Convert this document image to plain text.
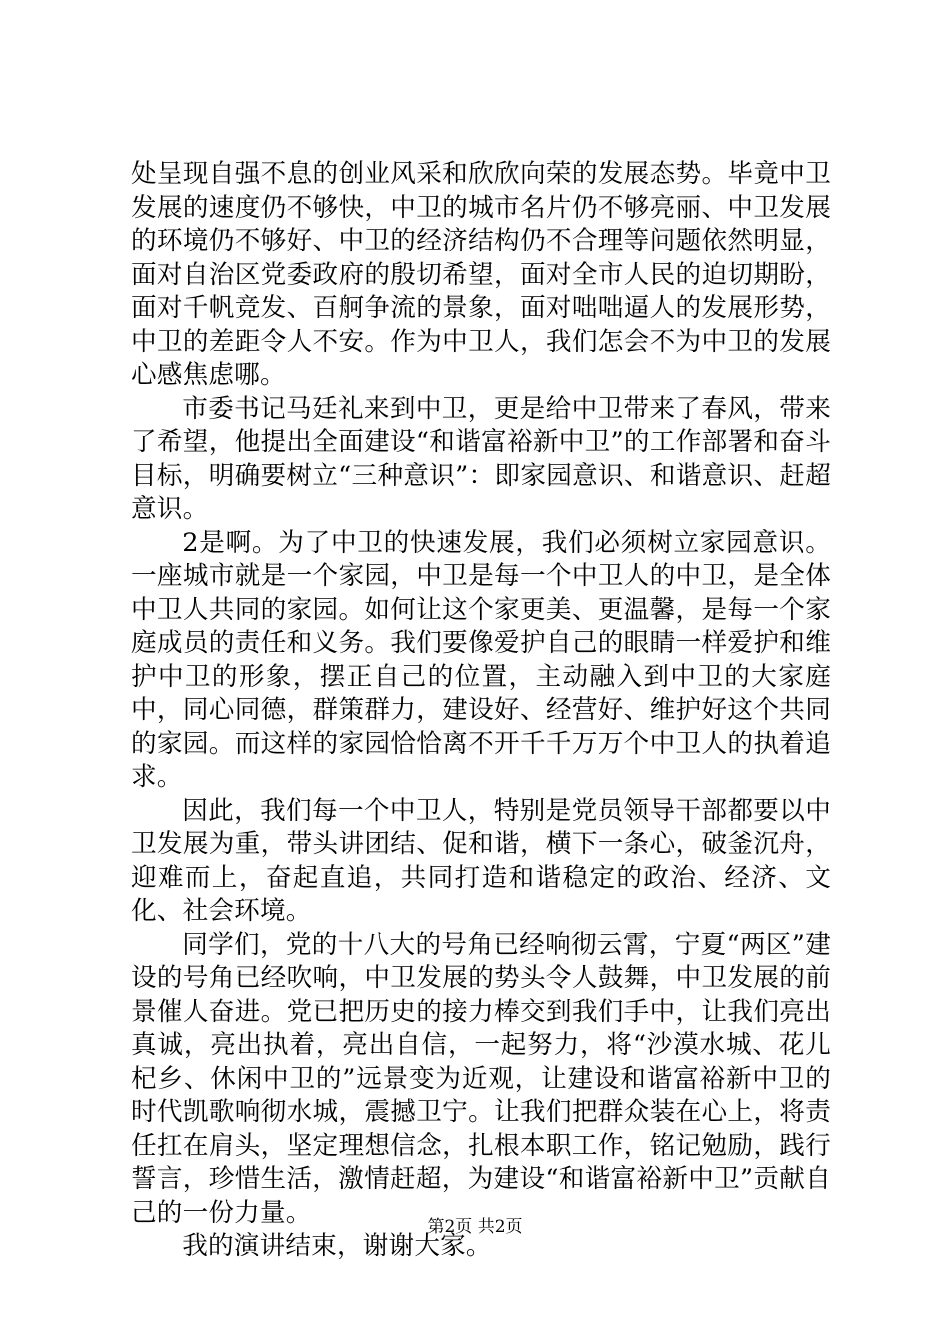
处呈现自强不息的创业风采和欣欣向荣的发展态势。毕竟中卫发展的速度仍不够快，中卫的城市名片仍不够亮丽、中卫发展的环境仍不够好、中卫的经济结构仍不合理等问题依然明显，面对自治区党委政府的殷切希望，面对全市人民的迫切期盼，面对千帆竞发、百舸争流的景象，面对咄咄逼人的发展形势，中卫的差距令人不安。作为中卫人，我们怎会不为中卫的发展心感焦虑哪。

市委书记马廷礼来到中卫，更是给中卫带来了春风，带来了希望，他提出全面建设“和谐富裕新中卫”的工作部署和奋斗目标，明确要树立“三种意识”：即家园意识、和谐意识、赶超意识。

2是啊。为了中卫的快速发展，我们必须树立家园意识。一座城市就是一个家园，中卫是每一个中卫人的中卫，是全体中卫人共同的家园。如何让这个家更美、更温馨，是每一个家庭成员的责任和义务。我们要像爱护自己的眼睛一样爱护和维护中卫的形象，摆正自己的位置，主动融入到中卫的大家庭中，同心同德，群策群力，建设好、经营好、维护好这个共同的家园。而这样的家园恰恰离不开千千万万个中卫人的执着追求。

因此，我们每一个中卫人，特别是党员领导干部都要以中卫发展为重，带头讲团结、促和谐，横下一条心，破釜沉舟，迎难而上，奋起直追，共同打造和谐稳定的政治、经济、文化、社会环境。

同学们，党的十八大的号角已经响彻云霄，宁夏“两区”建设的号角已经吹响，中卫发展的势头令人鼓舞，中卫发展的前景催人奋进。党已把历史的接力棒交到我们手中，让我们亮出真诚，亮出执着，亮出自信，一起努力，将“沙漠水城、花儿杞乡、休闲中卫的”远景变为近观，让建设和谐富裕新中卫的时代凯歌响彻水城，震撼卫宁。让我们把群众装在心上，将责任扛在肩头，坚定理想信念，扎根本职工作，铭记勉励，践行誓言，珍惜生活，激情赶超，为建设“和谐富裕新中卫”贡献自己的一份力量。

我的演讲结束，谢谢大家。

第2页 共2页
